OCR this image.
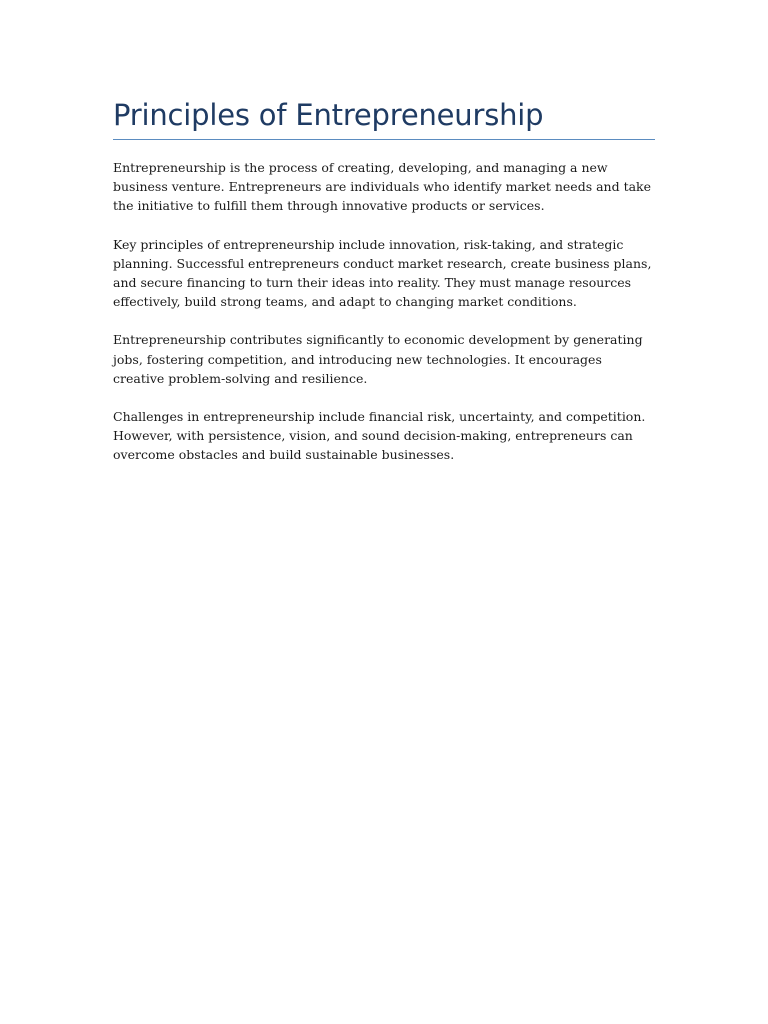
Principles of Entrepreneurship

Entrepreneurship is the process of creating, developing, and managing a new business venture. Entrepreneurs are individuals who identify market needs and take the initiative to fulfill them through innovative products or services.

Key principles of entrepreneurship include innovation, risk-taking, and strategic planning. Successful entrepreneurs conduct market research, create business plans, and secure financing to turn their ideas into reality. They must manage resources effectively, build strong teams, and adapt to changing market conditions.

Entrepreneurship contributes significantly to economic development by generating jobs, fostering competition, and introducing new technologies. It encourages creative problem-solving and resilience.

Challenges in entrepreneurship include financial risk, uncertainty, and competition. However, with persistence, vision, and sound decision-making, entrepreneurs can overcome obstacles and build sustainable businesses.
